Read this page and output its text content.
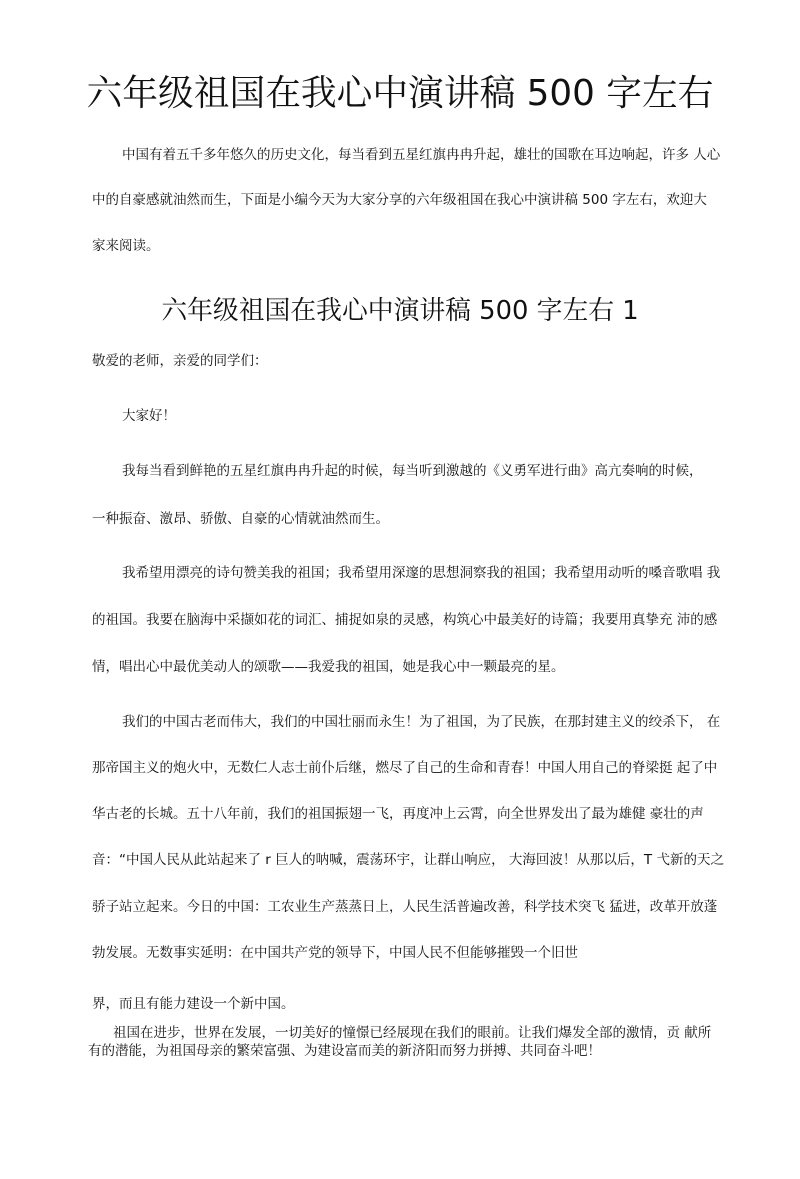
六年级祖国在我心中演讲稿 500 字左右
中国有着五千多年悠久的历史文化，每当看到五星红旗冉冉升起，雄壮的国歌在耳边响起，许多 人心
中的自豪感就油然而生，下面是小编今天为大家分享的六年级祖国在我心中演讲稿 500 字左右，欢迎大
家来阅读。
六年级祖国在我心中演讲稿 500 字左右 1
敬爱的老师，亲爱的同学们：
大家好！
我每当看到鲜艳的五星红旗冉冉升起的时候，每当听到激越的《义勇军进行曲》高亢奏响的时候，
一种振奋、激昂、骄傲、自豪的心情就油然而生。
我希望用漂亮的诗句赞美我的祖国；我希望用深邃的思想洞察我的祖国；我希望用动听的嗓音歌唱 我
的祖国。我要在脑海中采撷如花的词汇、捕捉如泉的灵感，构筑心中最美好的诗篇；我要用真挚充 沛的感
情，唱出心中最优美动人的颂歌——我爱我的祖国，她是我心中一颗最亮的星。
我们的中国古老而伟大，我们的中国壮丽而永生！为了祖国，为了民族，在那封建主义的绞杀下， 在
那帝国主义的炮火中，无数仁人志士前仆后继，燃尽了自己的生命和青春！中国人用自己的脊梁挺 起了中
华古老的长城。五十八年前，我们的祖国振翅一飞，再度冲上云霄，向全世界发出了最为雄健 豪壮的声
音：“中国人民从此站起来了 r 巨人的呐喊，震荡环宇，让群山响应， 大海回波！从那以后，T 弋新的天之
骄子站立起来。今日的中国：工农业生产蒸蒸日上，人民生活普遍改善，科学技术突飞 猛进，改革开放蓬
勃发展。无数事实延明：在中国共产党的领导下，中国人民不但能够摧毁一个旧世
界，而且有能力建设一个新中国。
祖国在进步，世界在发展，一切美好的憧憬已经展现在我们的眼前。让我们爆发全部的激情，贡 献所
有的潜能，为祖国母亲的繁荣富强、为建设富而美的新济阳而努力拼搏、共同奋斗吧！
